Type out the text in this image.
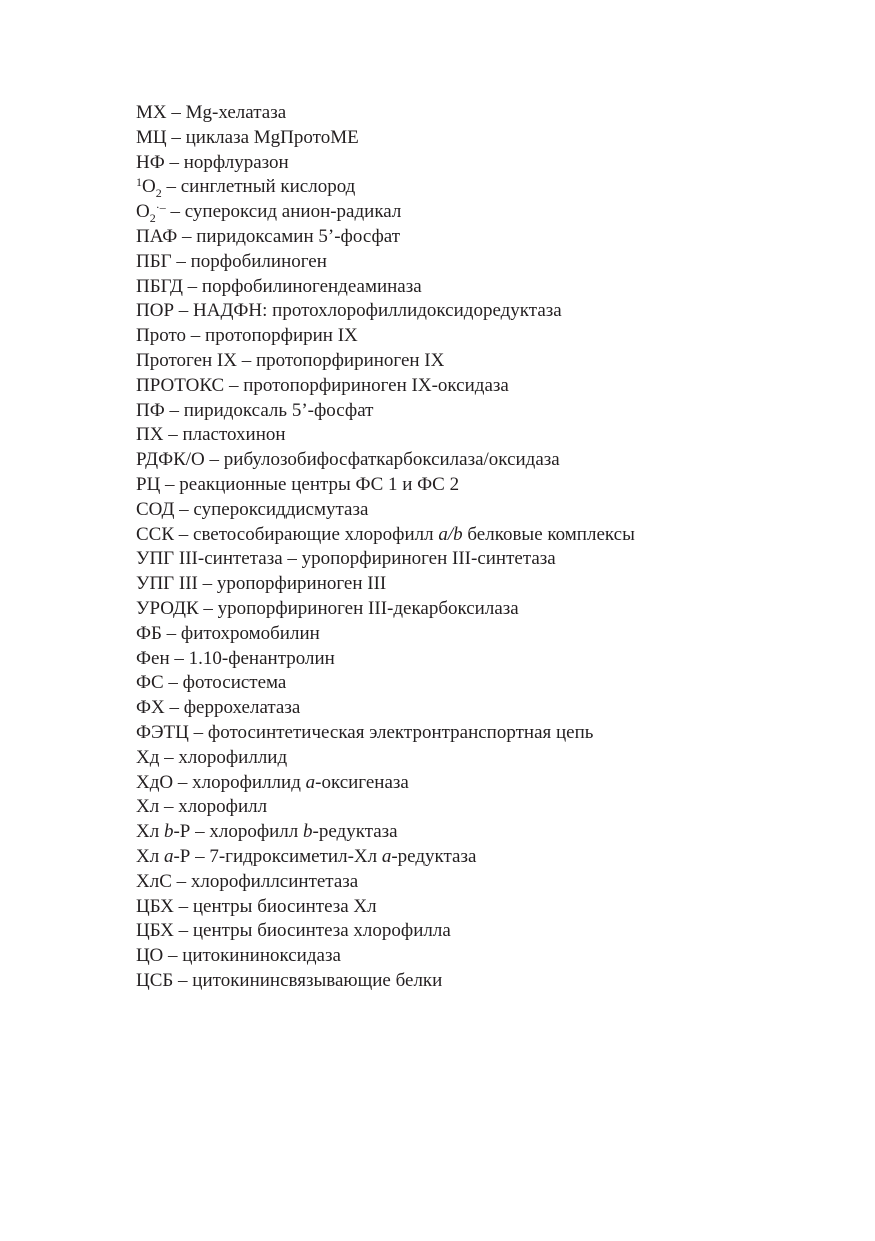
МХ – Mg-хелатаза
МЦ – циклаза MgПротоМЕ
НФ – норфлуразон
$^1O_2$ – синглетный кислород
$O_2^{\cdot-}$ – супероксид анион-радикал
ПАФ – пиридоксамин 5’-фосфат
ПБГ – порфобилиноген
ПБГД – порфобилиногендеаминаза
ПОР – НАДФН: протохлорофиллидоксидоредуктаза
Прото – протопорфирин IX
Протоген IX – протопорфириноген IX
ПРОТОКС – протопорфириноген IX-оксидаза
ПФ – пиридоксаль 5’-фосфат
ПХ – пластохинон
РДФК/О – рибулозобифосфаткарбоксилаза/оксидаза
РЦ – реакционные центры ФС 1 и ФС 2
СОД – супероксиддисмутаза
ССК – светособирающие хлорофилл a/b белковые комплексы
УПГ III-синтетаза – уропорфириноген III-синтетаза
УПГ III – уропорфириноген III
УРОДК – уропорфириноген III-декарбоксилаза
ФБ – фитохромобилин
Фен – 1.10-фенантролин
ФС – фотосистема
ФХ – феррохелатаза
ФЭТЦ – фотосинтетическая электронтранспортная цепь
Хд – хлорофиллид
ХдО – хлорофиллид a-оксигеназа
Хл – хлорофилл
Хл b-Р – хлорофилл b-редуктаза
Хл a-Р – 7-гидроксиметил-Хл a-редуктаза
ХлС – хлорофиллсинтетаза
ЦБХ – центры биосинтеза Хл
ЦБХ – центры биосинтеза хлорофилла
ЦО – цитокининоксидаза
ЦСБ – цитокининсвязывающие белки
